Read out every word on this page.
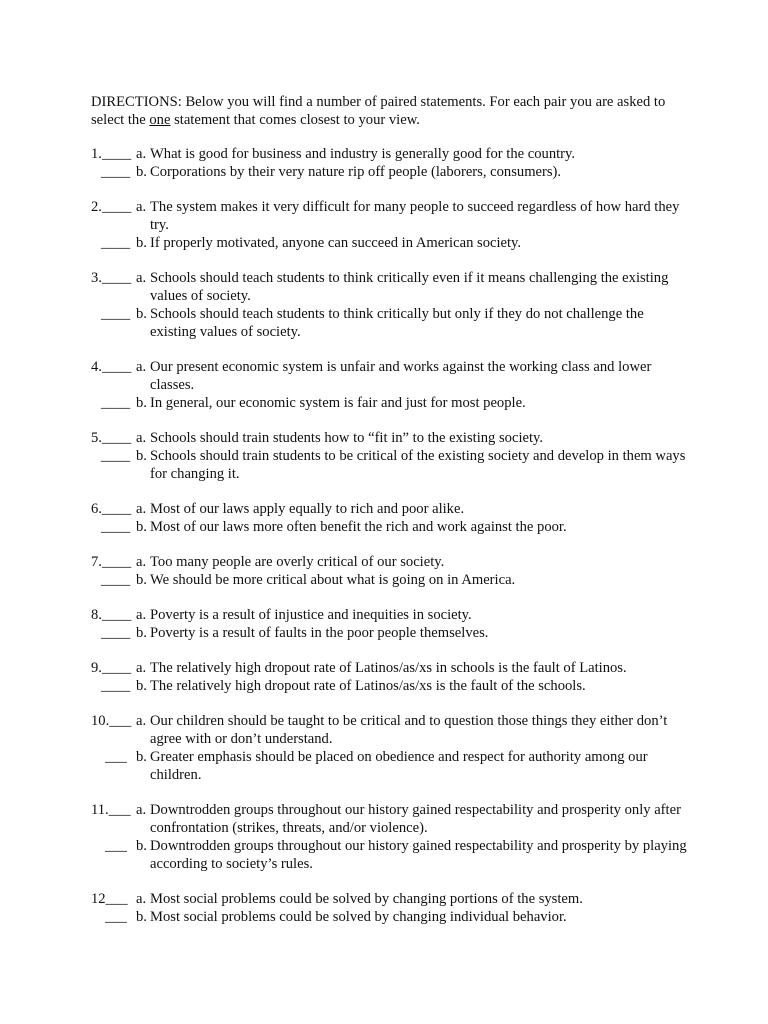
DIRECTIONS: Below you will find a number of paired statements. For each pair you are asked to select the one statement that comes closest to your view.

1.____ a. What is good for business and industry is generally good for the country.
____ b. Corporations by their very nature rip off people (laborers, consumers).
2.____ a. The system makes it very difficult for many people to succeed regardless of how hard they try.
____ b. If properly motivated, anyone can succeed in American society.
3.____ a. Schools should teach students to think critically even if it means challenging the existing values of society.
____ b. Schools should teach students to think critically but only if they do not challenge the existing values of society.
4.____ a. Our present economic system is unfair and works against the working class and lower classes.
____ b. In general, our economic system is fair and just for most people.
5.____ a. Schools should train students how to “fit in” to the existing society.
____ b. Schools should train students to be critical of the existing society and develop in them ways for changing it.
6.____ a. Most of our laws apply equally to rich and poor alike.
____ b. Most of our laws more often benefit the rich and work against the poor.
7.____ a. Too many people are overly critical of our society.
____ b. We should be more critical about what is going on in America.
8.____ a. Poverty is a result of injustice and inequities in society.
____ b. Poverty is a result of faults in the poor people themselves.
9.____ a. The relatively high dropout rate of Latinos/as/xs in schools is the fault of Latinos.
____ b. The relatively high dropout rate of Latinos/as/xs is the fault of the schools.
10.___ a. Our children should be taught to be critical and to question those things they either don’t agree with or don’t understand.
___ b. Greater emphasis should be placed on obedience and respect for authority among our children.
11.___ a. Downtrodden groups throughout our history gained respectability and prosperity only after confrontation (strikes, threats, and/or violence).
___ b. Downtrodden groups throughout our history gained respectability and prosperity by playing according to society’s rules.
12___ a. Most social problems could be solved by changing portions of the system.
___ b. Most social problems could be solved by changing individual behavior.
